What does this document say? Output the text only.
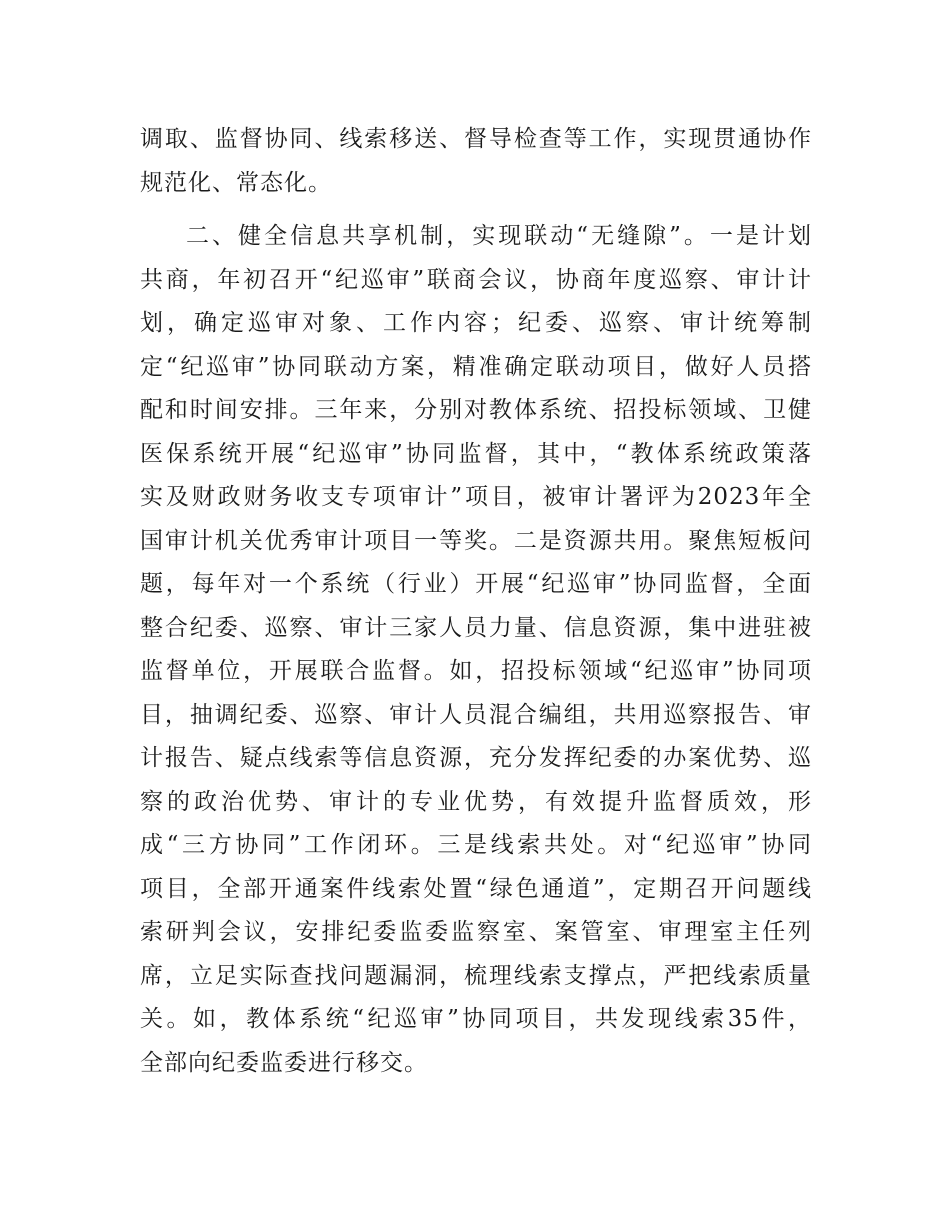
调取、监督协同、线索移送、督导检查等工作，实现贯通协作
规范化、常态化。
二、健全信息共享机制，实现联动“无缝隙”。一是计划
共商，年初召开“纪巡审”联商会议，协商年度巡察、审计计
划，确定巡审对象、工作内容；纪委、巡察、审计统筹制
定“纪巡审”协同联动方案，精准确定联动项目，做好人员搭
配和时间安排。三年来，分别对教体系统、招投标领域、卫健
医保系统开展“纪巡审”协同监督，其中，“教体系统政策落
实及财政财务收支专项审计”项目，被审计署评为2023年全
国审计机关优秀审计项目一等奖。二是资源共用。聚焦短板问
题，每年对一个系统（行业）开展“纪巡审”协同监督，全面
整合纪委、巡察、审计三家人员力量、信息资源，集中进驻被
监督单位，开展联合监督。如，招投标领域“纪巡审”协同项
目，抽调纪委、巡察、审计人员混合编组，共用巡察报告、审
计报告、疑点线索等信息资源，充分发挥纪委的办案优势、巡
察的政治优势、审计的专业优势，有效提升监督质效，形
成“三方协同”工作闭环。三是线索共处。对“纪巡审”协同
项目，全部开通案件线索处置“绿色通道”，定期召开问题线
索研判会议，安排纪委监委监察室、案管室、审理室主任列
席，立足实际查找问题漏洞，梳理线索支撑点，严把线索质量
关。如，教体系统“纪巡审”协同项目，共发现线索35件，
全部向纪委监委进行移交。
